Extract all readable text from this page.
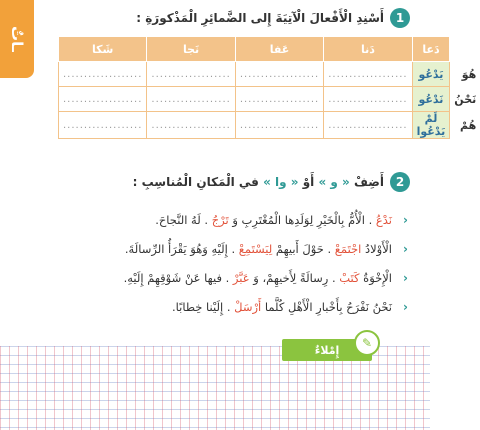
ـاتٌ
1
أَسْنِدِ الْأَفْعالَ الْآتِيَةَ إِلى الضَّمائِرِ الْمَذْكورَةِ :
	دَعا	دَنا	عَفا	نَجا	شَكا
هُوَ	يَدْعُو	...................	...................	...................	...................
نَحْنُ	نَدْعُو	...................	...................	...................	...................
هُمْ	لَمْ يَدْعُوا	...................	...................	...................	...................
2
أَضِفْ « و » أَوْ « وا » في الْمَكانِ الْمُناسِبِ :
‹
نَدْعُ . الْأُمُّ بِالْخَيْرِ لِوَلَدِها الْمُغْتَرِبِ وَ تَرْجُ . لَهُ النَّجاحَ.
‹
الْأَوْلادُ اجْتَمَعْ . حَوْلَ أَبيهِمْ لِيَسْتَمِعْ . إِلَيْهِ وَهُوَ يَقْرَأُ الرِّسالَةَ.
‹
الْإِخْوَةُ كَتَبْ . رِسالَةً لِأَخيهِمْ، وَ عَبَّرْ . فيها عَنْ شَوْقِهِمْ إِلَيْهِ.
‹
نَحْنُ نَفْرَحُ بِأَخْبارِ الْأَهْلِ كُلَّما أَرْسَلْ . إِلَيْنا خِطابًا.
إِمْلاءٌ	✎
